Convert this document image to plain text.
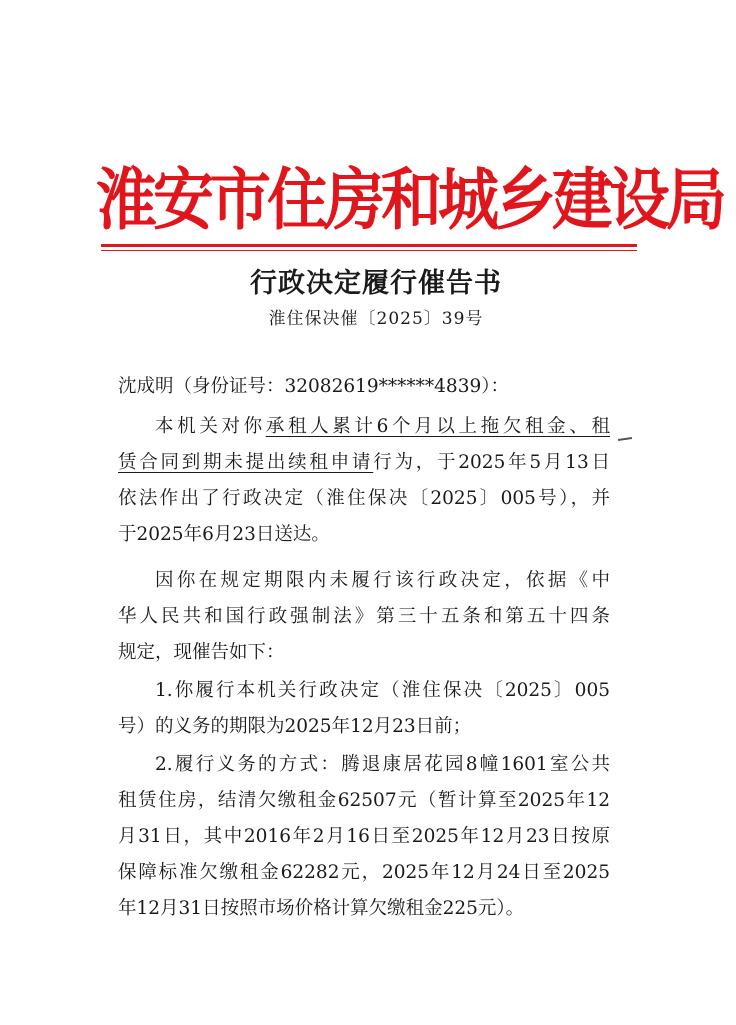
淮安市住房和城乡建设局
行政决定履行催告书
淮住保决催〔2025〕39号
沈成明（身份证号：32082619******4839）：
本机关对你承租人累计6个月以上拖欠租金、租
赁合同到期未提出续租申请行为，于2025年5月13日
依法作出了行政决定（淮住保决〔2025〕005号），并
于2025年6月23日送达。
因你在规定期限内未履行该行政决定，依据《中
华人民共和国行政强制法》第三十五条和第五十四条
规定，现催告如下：
1.你履行本机关行政决定（淮住保决〔2025〕005
号）的义务的期限为2025年12月23日前；
2.履行义务的方式：腾退康居花园8幢1601室公共
租赁住房，结清欠缴租金62507元（暂计算至2025年12
月31日，其中2016年2月16日至2025年12月23日按原
保障标准欠缴租金62282元，2025年12月24日至2025
年12月31日按照市场价格计算欠缴租金225元）。
